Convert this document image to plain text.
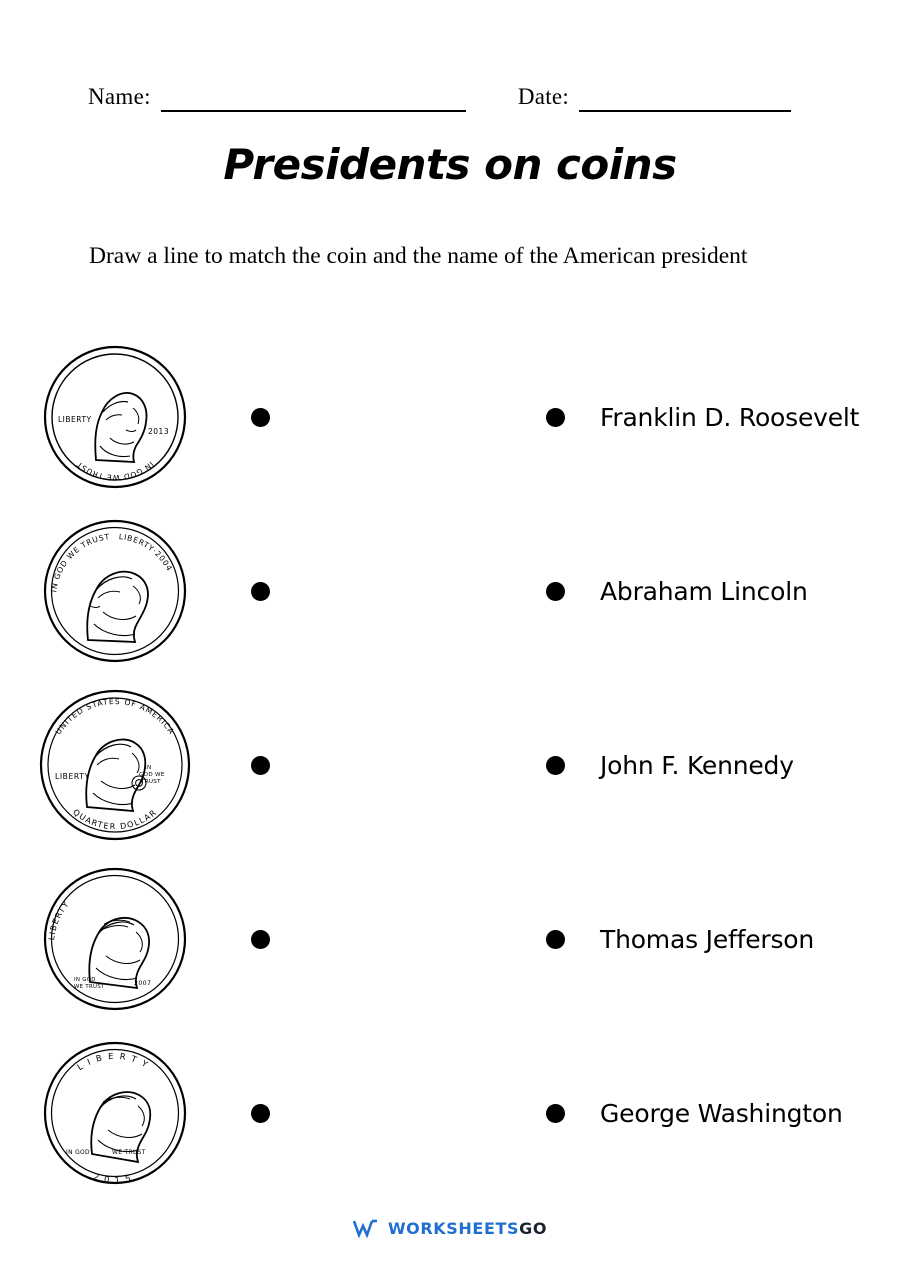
Name:	Date:
Presidents on coins
Draw a line to match the coin and the name of the American president
IN GOD WE TRUST
LIBERTY
2013	Franklin D. Roosevelt
IN GOD WE TRUST LIBERTY·2004
Abraham Lincoln
UNITED STATES OF AMERICA
QUARTER DOLLAR
LIBERTY
IN
GOD WE
TRUST
John F. Kennedy
LIBERTY
IN GOD
WE TRUST	2007
Thomas Jefferson
LIBERTY
2015
IN GOD	WE TRUST
George Washington
WORKSHEETSGO
